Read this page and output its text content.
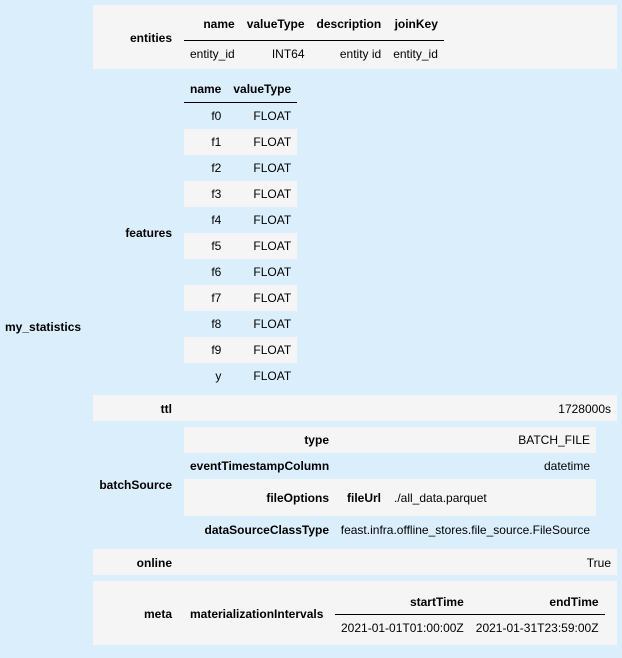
my_statistics
entities
name	valueType	description	joinKey
entity_id	INT64	entity id	entity_id
features
name	valueType
f0	FLOAT
f1	FLOAT
f2	FLOAT
f3	FLOAT
f4	FLOAT
f5	FLOAT
f6	FLOAT
f7	FLOAT
f8	FLOAT
f9	FLOAT
y	FLOAT
ttl	1728000s
batchSource
type	BATCH_FILE
eventTimestampColumn	datetime
fileOptions fileUrl ./all_data.parquet
dataSourceClassType feast.infra.offline_stores.file_source.FileSource
online	True
meta materializationIntervals
startTime	endTime
2021-01-01T01:00:00Z	2021-01-31T23:59:00Z
